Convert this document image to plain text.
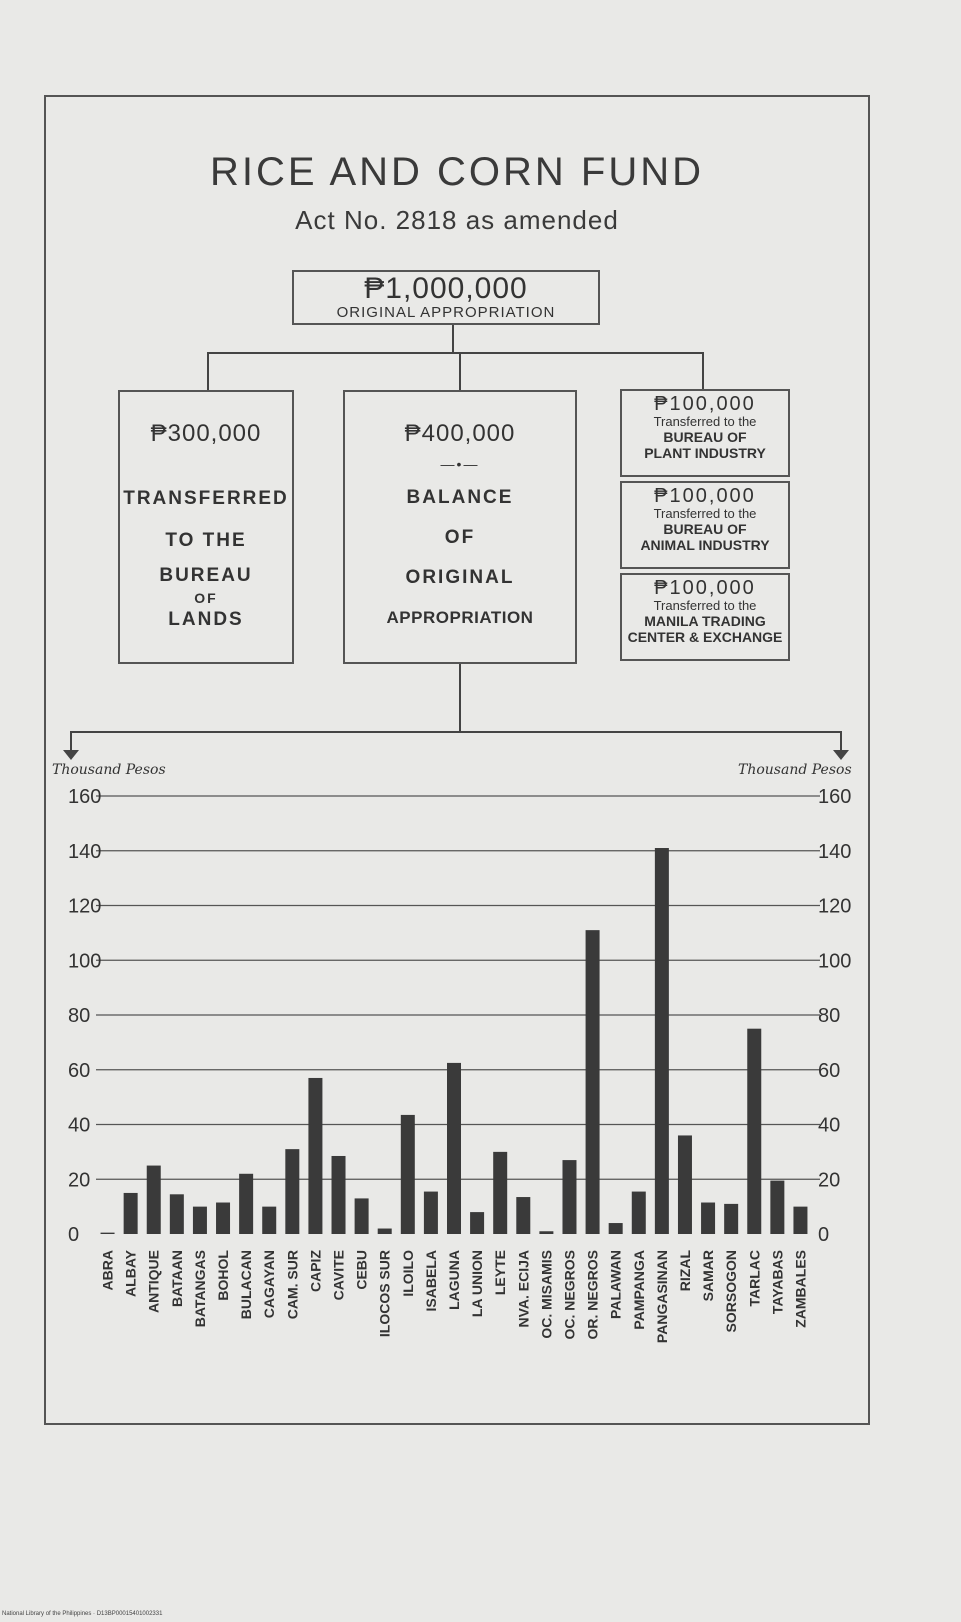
RICE AND CORN FUND
Act No. 2818 as amended
₱1,000,000
ORIGINAL APPROPRIATION
₱300,000
TRANSFERRED
TO THE
BUREAU
OF
LANDS
₱400,000
—•—
BALANCE
OF
ORIGINAL
APPROPRIATION
₱100,000
Transferred to the
BUREAU OF
PLANT INDUSTRY
₱100,000
Transferred to the
BUREAU OF
ANIMAL INDUSTRY
₱100,000
Transferred to the
MANILA TRADING
CENTER & EXCHANGE
Thousand Pesos	Thousand Pesos
0	0
20	20
40	40
60	60
80	80
100	100
120	120
140	140
160	160
ABRA ALBAY ANTIQUE BATAAN BATANGAS BOHOL BULACAN CAGAYAN CAM. SUR CAPIZ CAVITE CEBU ILOCOS SUR ILOILO ISABELA LAGUNA LA UNION LEYTE NVA. ECIJA OC. MISAMIS OC. NEGROS OR. NEGROS PALAWAN PAMPANGA PANGASINAN RIZAL SAMAR SORSOGON TARLAC TAYABAS ZAMBALES
National Library of the Philippines · D13BP00015401002331
